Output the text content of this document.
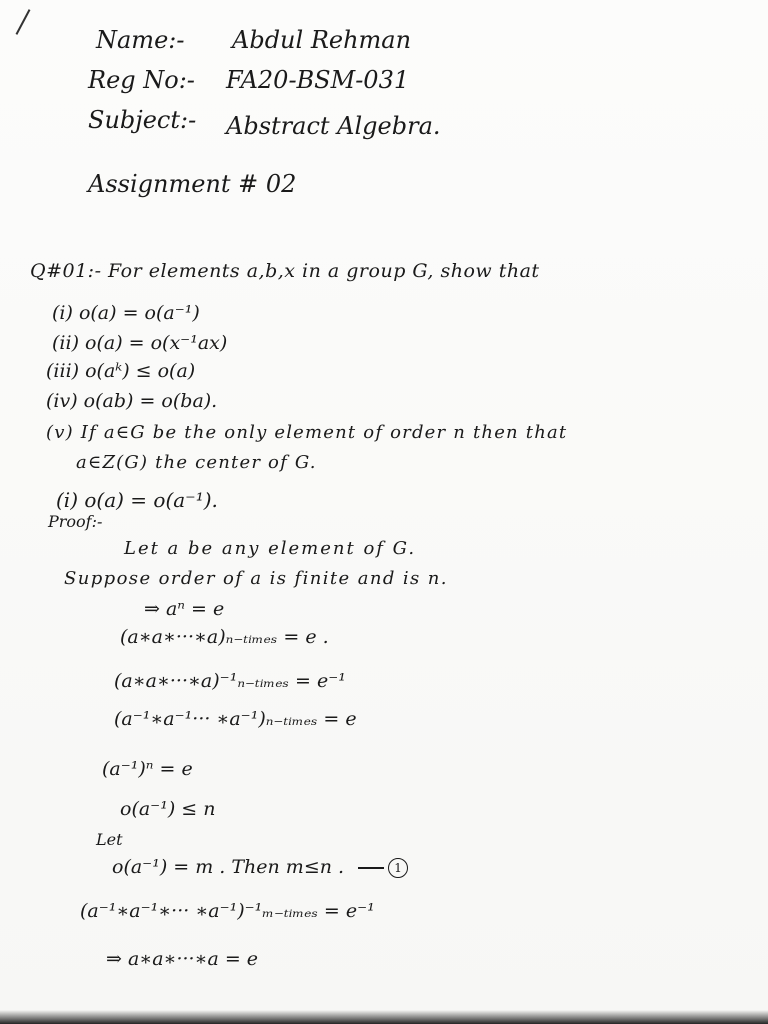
Name:- Abdul Rehman
Reg No:- FA20-BSM-031
Subject:- Abstract Algebra.
Assignment # 02
Q#01:- For elements a,b,x in a group G, show that
(i) o(a) = o(a⁻¹)
(ii) o(a) = o(x⁻¹ax)
(iii) o(aᵏ) ≤ o(a)
(iv) o(ab) = o(ba).
(v) If a∈G be the only element of order n then that
a∈Z(G) the center of G.
(i) o(a) = o(a⁻¹).
Proof:-
Let a be any element of G.
Suppose order of a is finite and is n.
⇒ aⁿ = e
(a∗a∗···∗a)ₙ₋ₜᵢₘₑₛ = e .
(a∗a∗···∗a)⁻¹ₙ₋ₜᵢₘₑₛ = e⁻¹
(a⁻¹∗a⁻¹··· ∗a⁻¹)ₙ₋ₜᵢₘₑₛ = e
(a⁻¹)ⁿ = e
o(a⁻¹) ≤ n
Let
o(a⁻¹) = m . Then m≤n .	1
(a⁻¹∗a⁻¹∗··· ∗a⁻¹)⁻¹ₘ₋ₜᵢₘₑₛ = e⁻¹
⇒ a∗a∗···∗a = e
